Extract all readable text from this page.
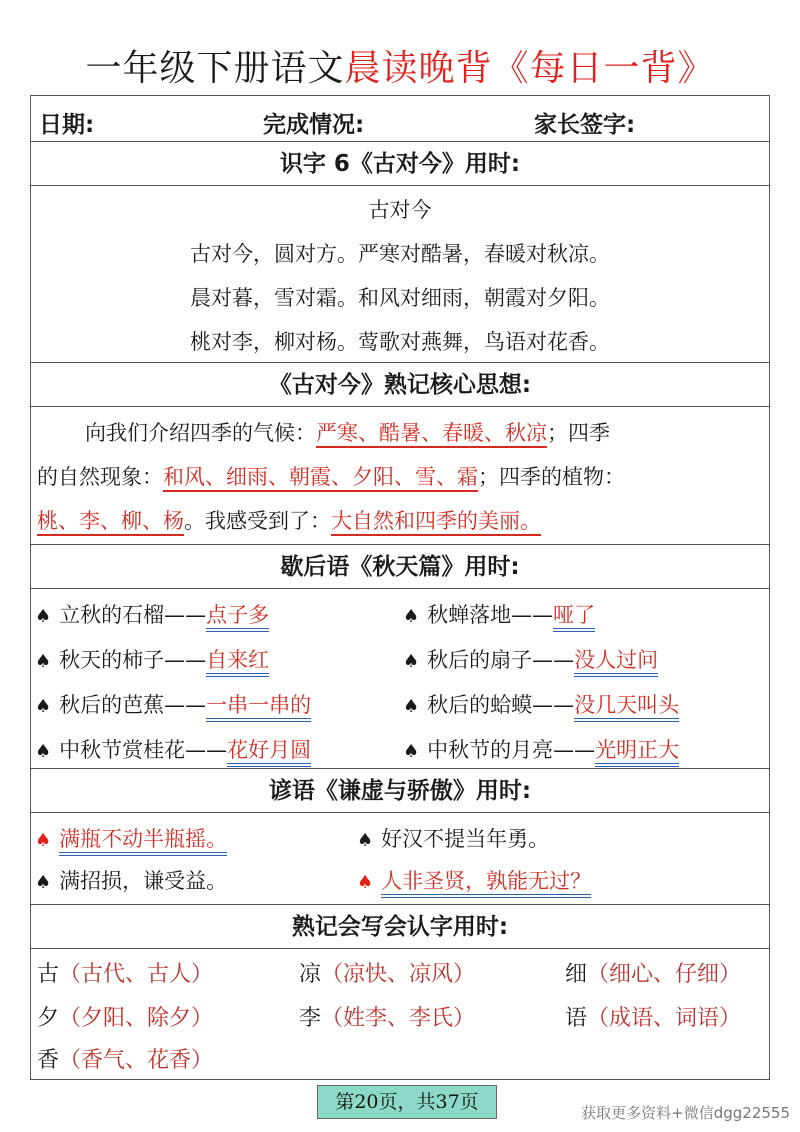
一年级下册语文晨读晚背《每日一背》
日期:	完成情况:	家长签字:
识字 6《古对今》用时:
古对今
古对今，圆对方。严寒对酷暑，春暖对秋凉。
晨对暮，雪对霜。和风对细雨，朝霞对夕阳。
桃对李，柳对杨。莺歌对燕舞，鸟语对花香。
《古对今》熟记核心思想:
向我们介绍四季的气候：严寒、酷暑、春暖、秋凉；四季
的自然现象：和风、细雨、朝霞、夕阳、雪、霜；四季的植物：
桃、李、柳、杨。我感受到了：大自然和四季的美丽。
歇后语《秋天篇》用时:
♠ 立秋的石榴——点子多	♠ 秋蝉落地——哑了
♠ 秋天的柿子——自来红	♠ 秋后的扇子——没人过问
♠ 秋后的芭蕉——一串一串的	♠ 秋后的蛤蟆——没几天叫头
♠ 中秋节赏桂花——花好月圆	♠ 中秋节的月亮——光明正大
谚语《谦虚与骄傲》用时:
♠ 满瓶不动半瓶摇。	♠ 好汉不提当年勇。
♠ 满招损，谦受益。	♠ 人非圣贤，孰能无过？
熟记会写会认字用时:
古（古代、古人）	凉（凉快、凉风）	细（细心、仔细）
夕（夕阳、除夕）	李（姓李、李氏）	语（成语、词语）
香（香气、花香）
第20页，共37页	获取更多资料+微信dgg22555
